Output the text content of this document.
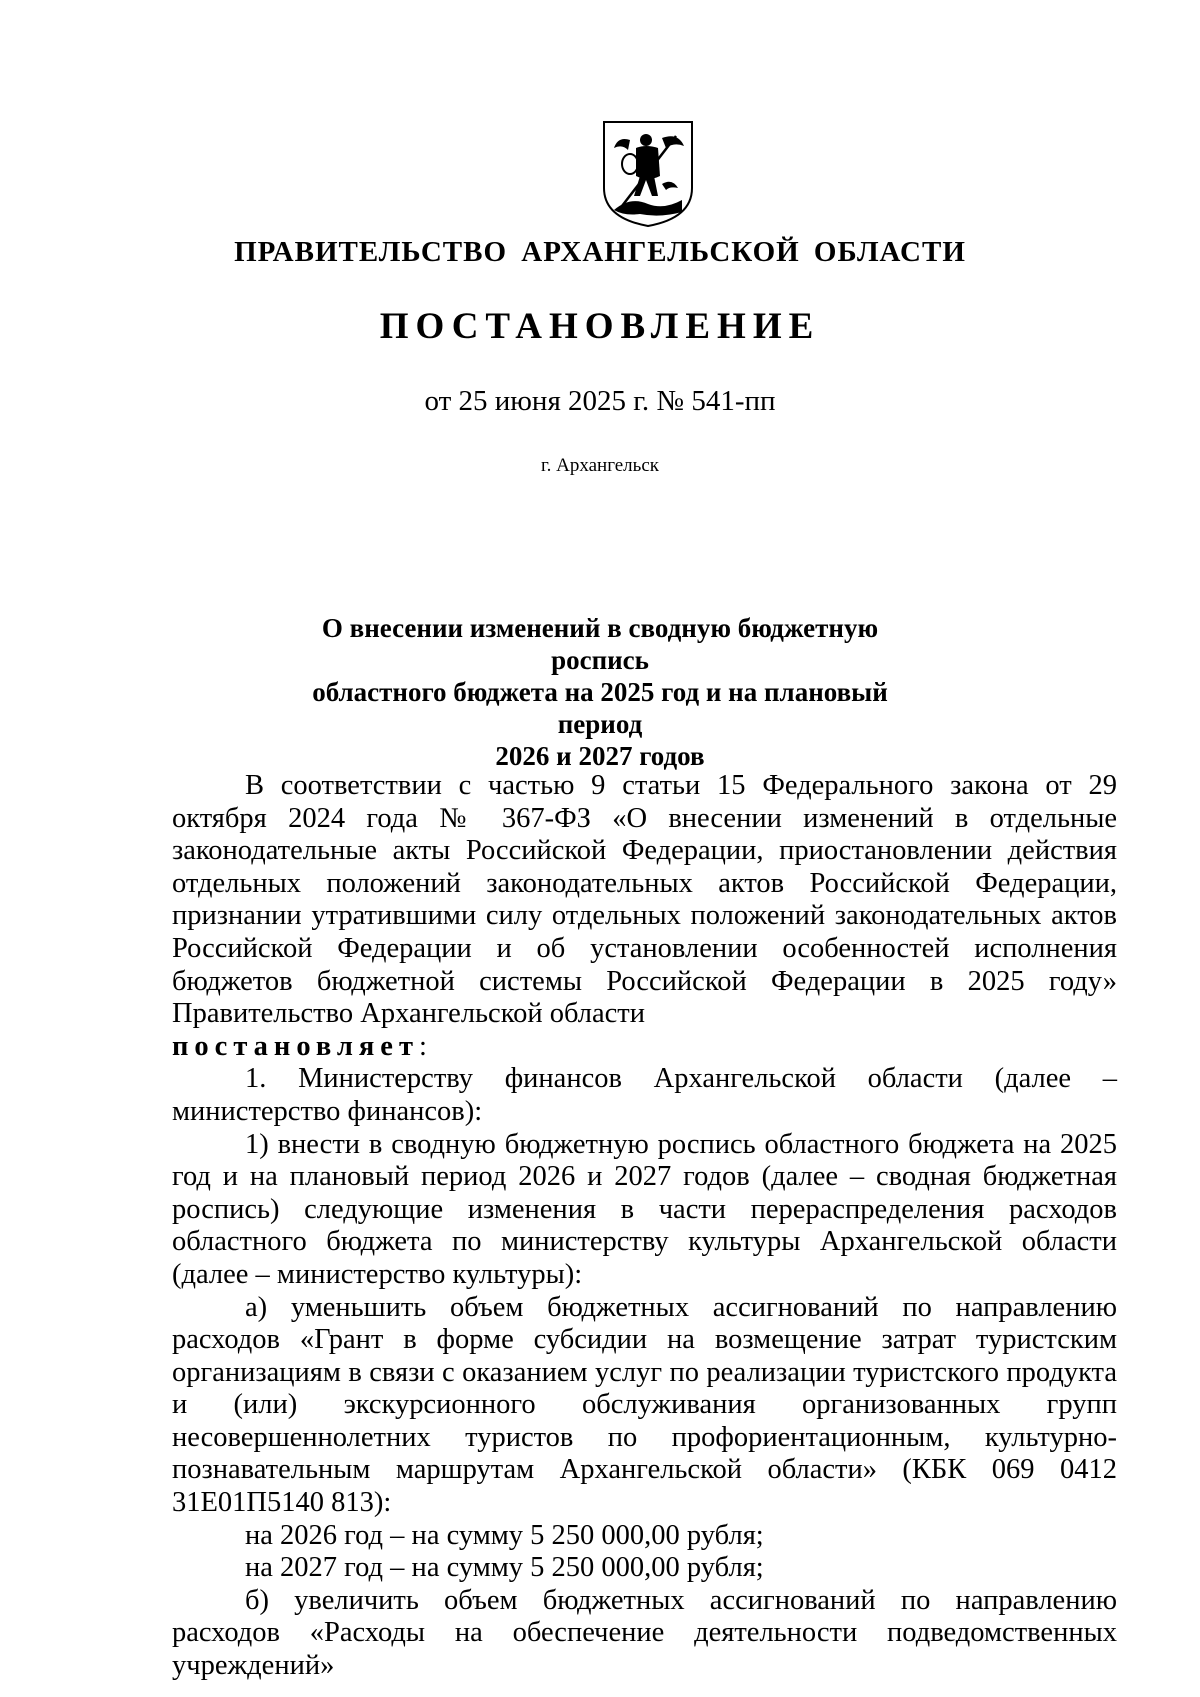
ПРАВИТЕЛЬСТВО АРХАНГЕЛЬСКОЙ ОБЛАСТИ
ПОСТАНОВЛЕНИЕ
от 25 июня 2025 г. № 541-пп
г. Архангельск
О внесении изменений в сводную бюджетную роспись
областного бюджета на 2025 год и на плановый период
2026 и 2027 годов

В соответствии с частью 9 статьи 15 Федерального закона от 29 октября 2024 года № 367-ФЗ «О внесении изменений в отдельные законодательные акты Российской Федерации, приостановлении действия отдельных положений законодательных актов Российской Федерации, признании утратившими силу отдельных положений законодательных актов Российской Федерации и об установлении особенностей исполнения бюджетов бюджетной системы Российской Федерации в 2025 году» Правительство Архангельской области
постановляет:

1. Министерству финансов Архангельской области (далее – министерство финансов):

1) внести в сводную бюджетную роспись областного бюджета на 2025 год и на плановый период 2026 и 2027 годов (далее – сводная бюджетная роспись) следующие изменения в части перераспределения расходов областного бюджета по министерству культуры Архангельской области (далее – министерство культуры):

а) уменьшить объем бюджетных ассигнований по направлению расходов «Грант в форме субсидии на возмещение затрат туристским организациям в связи с оказанием услуг по реализации туристского продукта и (или) экскурсионного обслуживания организованных групп несовершеннолетних туристов по профориентационным, культурно-познавательным маршрутам Архангельской области» (КБК 069 0412 31Е01П5140 813):

на 2026 год – на сумму 5 250 000,00 рубля;

на 2027 год – на сумму 5 250 000,00 рубля;

б) увеличить объем бюджетных ассигнований по направлению расходов «Расходы на обеспечение деятельности подведомственных учреждений»
